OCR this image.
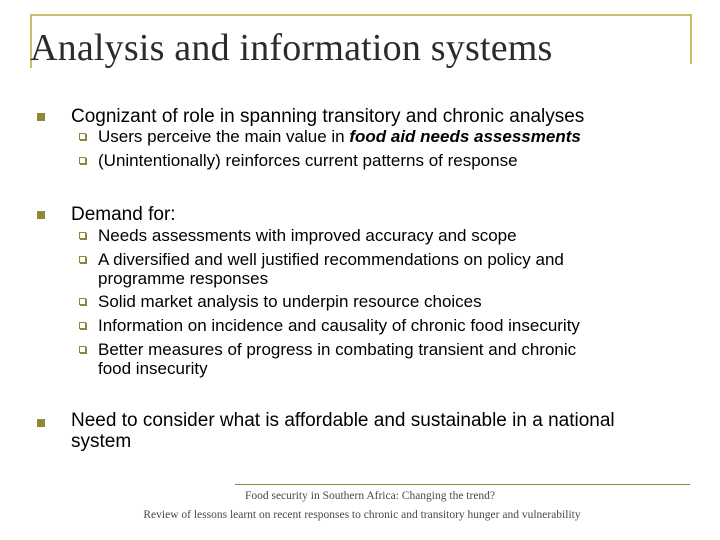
Analysis and information systems
Cognizant of role in spanning transitory and chronic analyses
Users perceive the main value in food aid needs assessments
(Unintentionally) reinforces current patterns of response
Demand for:
Needs assessments with improved accuracy and scope
A diversified and well justified recommendations on policy and
programme responses
Solid market analysis to underpin resource choices
Information on incidence and causality of chronic food insecurity
Better measures of progress in combating transient and chronic
food insecurity
Need to consider what is affordable and sustainable in a national
system
Food security in Southern Africa: Changing the trend?
Review of lessons learnt on recent responses to chronic and transitory hunger and vulnerability
